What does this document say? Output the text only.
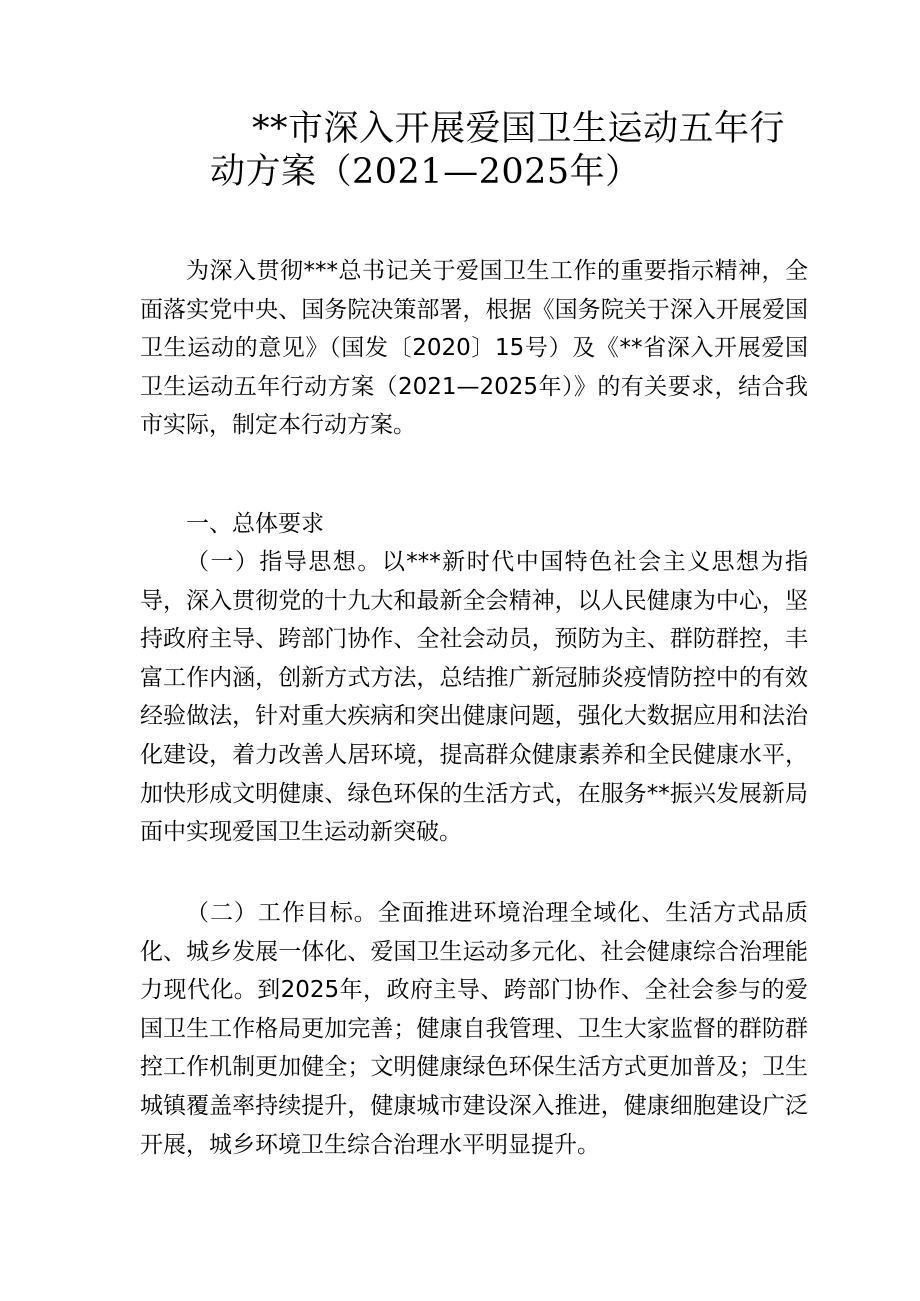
**市深入开展爱国卫生运动五年行
动方案（2021—2025年）

为深入贯彻***总书记关于爱国卫生工作的重要指示精神，全面落实党中央、国务院决策部署，根据《国务院关于深入开展爱国卫生运动的意见》（国发〔2020〕15号）及《**省深入开展爱国卫生运动五年行动方案（2021—2025年）》的有关要求，结合我市实际，制定本行动方案。

一、总体要求

（一）指导思想。以***新时代中国特色社会主义思想为指导，深入贯彻党的十九大和最新全会精神，以人民健康为中心，坚持政府主导、跨部门协作、全社会动员，预防为主、群防群控，丰富工作内涵，创新方式方法，总结推广新冠肺炎疫情防控中的有效经验做法，针对重大疾病和突出健康问题，强化大数据应用和法治化建设，着力改善人居环境，提高群众健康素养和全民健康水平，加快形成文明健康、绿色环保的生活方式，在服务**振兴发展新局面中实现爱国卫生运动新突破。

（二）工作目标。全面推进环境治理全域化、生活方式品质化、城乡发展一体化、爱国卫生运动多元化、社会健康综合治理能力现代化。到2025年，政府主导、跨部门协作、全社会参与的爱国卫生工作格局更加完善；健康自我管理、卫生大家监督的群防群控工作机制更加健全；文明健康绿色环保生活方式更加普及；卫生城镇覆盖率持续提升，健康城市建设深入推进，健康细胞建设广泛开展，城乡环境卫生综合治理水平明显提升。
